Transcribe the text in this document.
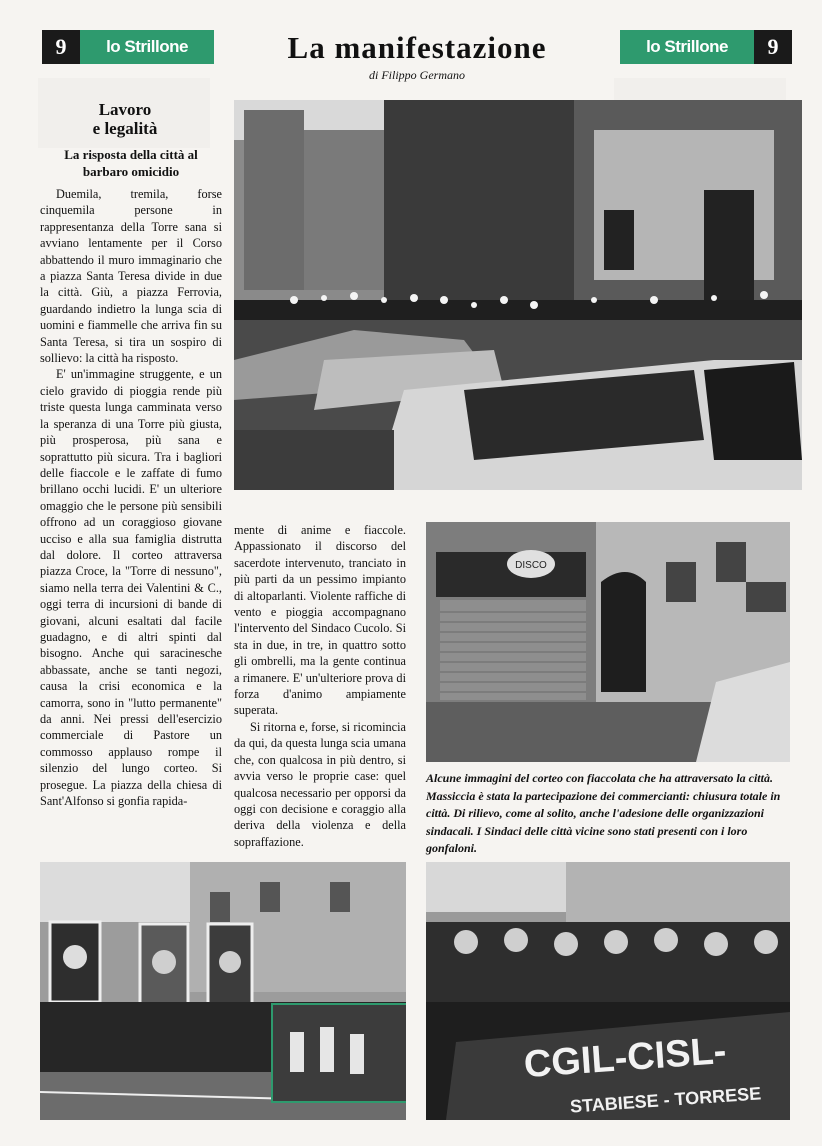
9	lo Strillone	La manifestazione
di Filippo Germano
lo Strillone	9
Lavoro
e legalità
La risposta della città al
barbaro omicidio

Duemila, tremila, forse cinquemila persone in rappresentanza della Torre sana si avviano lentamente per il Corso abbattendo il muro immaginario che a piazza Santa Teresa divide in due la città. Giù, a piazza Ferrovia, guardando indietro la lunga scia di uomini e fiammelle che arriva fin su Santa Teresa, si tira un sospiro di sollievo: la città ha risposto.

E' un'immagine struggente, e un cielo gravido di pioggia rende più triste questa lunga camminata verso la speranza di una Torre più giusta, più prosperosa, più sana e soprattutto più sicura. Tra i bagliori delle fiaccole e le zaffate di fumo brillano occhi lucidi. E' un ulteriore omaggio che le persone più sensibili offrono ad un coraggioso giovane ucciso e alla sua famiglia distrutta dal dolore. Il corteo attraversa piazza Croce, la "Torre di nessuno", siamo nella terra dei Valentini & C., oggi terra di incursioni di bande di giovani, alcuni esaltati dal facile guadagno, e di altri spinti dal bisogno. Anche qui saracinesche abbassate, anche se tanti negozi, causa la crisi economica e la camorra, sono in "lutto permanente" da anni. Nei pressi dell'esercizio commerciale di Pastore un commosso applauso rompe il silenzio del lungo corteo. Si prosegue. La piazza della chiesa di Sant'Alfonso si gonfia rapida-

mente di anime e fiaccole. Appassionato il discorso del sacerdote intervenuto, tranciato in più parti da un pessimo impianto di altoparlanti. Violente raffiche di vento e pioggia accompagnano l'intervento del Sindaco Cucolo. Si sta in due, in tre, in quattro sotto gli ombrelli, ma la gente continua a rimanere. E' un'ulteriore prova di forza d'animo ampiamente superata.

Si ritorna e, forse, si ricomincia da qui, da questa lunga scia umana che, con qualcosa in più dentro, si avvia verso le proprie case: quel qualcosa necessario per opporsi da oggi con decisione e coraggio alla deriva della violenza e della sopraffazione.

DISCO
Alcune immagini del corteo con fiaccolata che ha attraversato la città. Massiccia è stata la partecipazione dei commercianti: chiusura totale in città. Di rilievo, come al solito, anche l'adesione delle organizzazioni sindacali. I Sindaci delle città vicine sono stati presenti con i loro gonfaloni.
CGIL-CISL-
STABIESE - TORRESE
